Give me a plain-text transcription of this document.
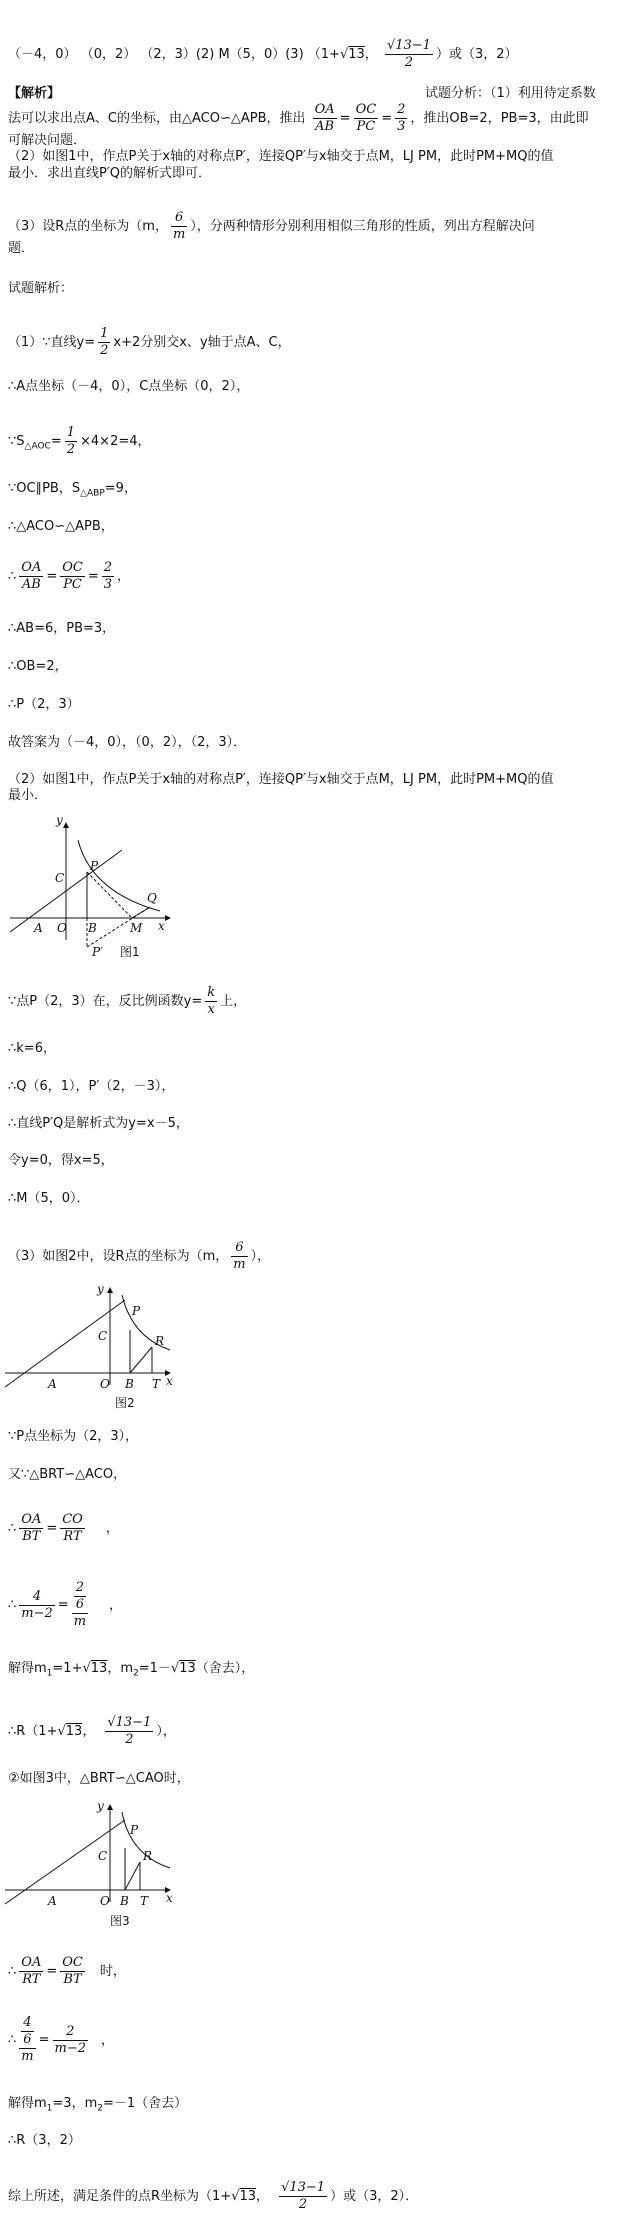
（－4，0） （0，2） （2，3）(2) M（5，0）(3) （1+√13， $\frac{√13-1}{2}$ ）或（3，2）
【解析】	试题分析：（1）利用待定系数
法可以求出点A、C的坐标，由△ACO∽△APB，推出 $\frac{OA}{AB} = \frac{OC}{PC} = \frac{2}{3}$ ，推出OB=2，PB=3，由此即
可解决问题．
（2）如图1中，作点P关于x轴的对称点P′，连接QP′与x轴交于点M，LJ PM，此时PM+MQ的值
最小．求出直线P′Q的解析式即可．
（3）设R点的坐标为（m， $\frac{6}{m}$ ），分两种情形分别利用相似三角形的性质，列出方程解决问
题．
试题解析：
（1）∵直线$y= \frac{1}{2} x+2$分别交x、y轴于点A、C，
∴A点坐标（－4，0），C点坐标（0，2），
$\because S_{\triangle AOC}= \frac{1}{2} \times 4\times 2=4$，
∵OC∥PB，$S_{\triangle ABP}=9$，
∴△ACO∽△APB，
∴ $\frac{OA}{AB} = \frac{OC}{PC} = \frac{2}{3}$ ，
∴AB=6，PB=3，
∴OB=2，
∴P（2，3）
故答案为（－4，0），（0，2），（2，3）．
（2）如图1中，作点P关于x轴的对称点P′，连接QP′与x轴交于点M，LJ PM，此时PM+MQ的值
最小．
y
C
P
Q
A O B	M x
P′ 图1
∵点P（2，3）在，反比例函数$y= \frac{k}{x}$ 上，
∴k=6，
∴Q（6，1），P′（2，－3），
∴直线P′Q是解析式为y=x－5，
令y=0，得x=5，
∴M（5，0）．
（3）如图2中，设R点的坐标为（m， $\frac{6}{m}$ ），
y
P
R
C
A	O B T x
图2
∵P点坐标为（2，3），
又∵△BRT∽△ACO，
∴ $\frac{OA}{BT} = \frac{CO}{RT}$ ，
∴ $\frac{4}{m-2} = \frac{\frac{2}{6}}{m}$ ，
解得$m_1=1+√13$，$m_2=1-√13$（舍去），
∴R（1+√13， $\frac{√13-1}{2}$ ），
②如图3中，△BRT∽△CAO时，
y
P
R
C
A	O B T x
图3
∴ $\frac{OA}{RT} = \frac{OC}{BT}$ 时，
∴ $\frac{\frac{4}{6}}{m} = \frac{2}{m-2}$ ，
解得$m_1=3$，$m_2=-1$（舍去）
∴R（3，2）
综上所述，满足条件的点R坐标为（1+√13， $\frac{√13-1}{2}$ ）或（3，2）．
